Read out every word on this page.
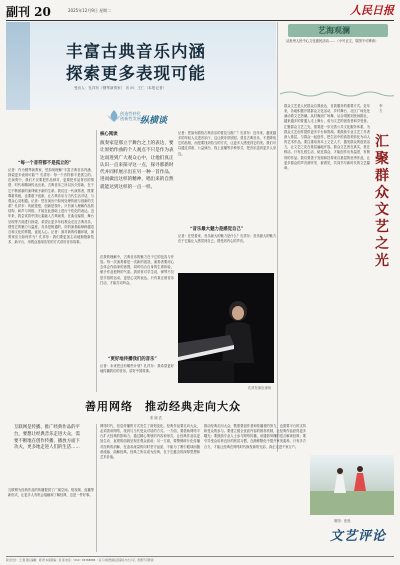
副刊 20	2025年12月9日 星期二	人民日报
丰富古典音乐内涵
探索更多表现可能
受访人：孔祥东（钢琴演奏家） 访 问：王仁（本报记者）
创造性转化
创新性发展 纵横谈
“每一个音符都不是孤立的”
记者：作为钢琴演奏家，您如何理解“丰富古典音乐内涵、探索更多表现可能”？孔祥东：每一个音符都不是孤立的。在演奏中，我们不仅要把作品弹对，更要把作品背后的情感、时代和精神传达出来。古典音乐之所以历久弥新，在于它不断被新的演绎赋予新的生命。我们这一代演奏者，既要尊重传统，也要敢于创新，让古典音乐与当代生活对话，与观众心灵相通。记者：您在演出中如何处理传统与创新的关系？孔祥东：传统是根，创新是枝叶。只有深入理解作品的结构、和声与风格，才能在此基础上进行个性化的表达。近年来，我尝试将中国元素融入古典演奏，在曲目编排、舞台呈现等方面进行探索，希望让更多年轻观众走近古典音乐，感受它的魅力与温度。音乐是相通的，好的演奏能够跨越语言和文化的界限，直抵人心。记者：面对新的传播环境，演奏家应当如何作为？孔祥东：我们要更加主动地拥抱新技术、新平台，用观众喜闻乐见的方式讲好音乐故事。
核心阅读
演奏家是那立于舞台之上的表达，要让原始作曲的个人观点不只是作为表达而进到广大观众心中，让他们真正认识一点来探寻这一点，探寻那新时代并同样展示出在另一种一首作品，进而做出这样的精神，唱出来的自然就能达到这样的一点一样。
在我的理解中，古典音乐的魅力在于它的包容与开放。每一次演奏都是一次新的创造，演奏者要用心去体会作曲家的意图，同时结合自身的生命体验，赋予作品独特的气质。我常常对学生说，弹琴不仅是手指的运动，更是心灵的表达。只有真正被音乐打动，才能打动听众。
记者：您如何看待古典音乐的普及与推广？孔祥东：近年来，越来越多的年轻人走进音乐厅，这让我非常欣慰。普及古典音乐，不是降低它的品格，而是要找到恰当的方式，让更多人感受到它的美。我们可以通过讲座、公益演出、线上直播等多种形式，把音乐送到更多人身边。
“音乐最大魅力是感觉自己”
记者：在您看来，音乐最大的魅力是什么？孔祥东：音乐最大的魅力在于它能让人感觉到自己，感受到内心的声音。
孔祥东演出现场
“更好地传播我们的音乐”
记者：未来您还有哪些计划？孔祥东：我希望更好地传播我们的音乐，讲好中国故事。
艺海观澜
从贵州人民中心文化惠民活动……（小号正文，原图不可辨读）
汇聚群众文艺之光
李 方
群众文艺是人民群众自我表达、自我服务的重要方式。近年来，各地积极开展群众文化活动，乡村舞台、社区广场处处涌动着文艺热潮。从村晚到广场舞，从合唱团到民间剧社，越来越多的普通人走上舞台，成为文艺的创造者和享受者。汇聚群众文艺之光，需要进一步完善公共文化服务体系，为群众文艺创作提供更多平台和资源。要鼓励专业文艺工作者深入基层，与群众一起创作，把生活中的真善美转化为动人的艺术作品。要注重培育本土文艺人才，激发群众的创造活力，让文艺之花在基层遍地开放。群众文艺贵在真实，贵在鲜活。只有扎根生活、贴近群众，才能创作出有温度、有筋骨的作品。我们要善于发现和扶持来自基层的优秀作品，让更多群众的声音被听见、被看见，共同书写新时代的文艺篇章。
善用网络　推动经典走向大众
张 晓 武
互联网是传播、推广经典作品的平台，要想让经典音乐走进大众，需要不断地在创作传播、播放方面下功夫，更多地走进人们的生活……
互联网为经典作品的传播提供了广阔空间。短视频、直播等新形式，让更多人有机会接触和了解经典，这是一件好事。
网络时代，信息传播的方式发生了深刻变化。经典作品要走向大众，必须善用网络，找到与当代受众对话的方式。一方面，要借助网络平台扩大经典的影响力，通过精心策划的内容和形式，让经典作品以更加生动、直观的面貌呈现在观众面前；另一方面，要警惕碎片化传播对经典的消解，在追求流量的同时坚守品质，不能为了吸引眼球而随意改编、曲解经典。经典之所以成为经典，在于它蕴含的深厚思想和艺术价值。
推动经典走向大众，既需要创作者和传播者的努力，也需要平台的支持和受众的参与。要建立健全优质内容的推荐机制，让经典作品获得更多曝光；要鼓励专业人士参与网络传播，用通俗易懂的语言解读经典；要引导受众培养良好的欣赏习惯，在潜移默化中提升审美素养。只有多方合力，才能让经典在网络时代焕发新的光彩，真正走进千家万户。
制图：张晨
文艺评论
版式设计：王 强 责任编辑：胡 妍 本版责编：张 蓓 电话：（010）65368888 （以下为报纸版权及联系方式小字，原图不可辨读）
